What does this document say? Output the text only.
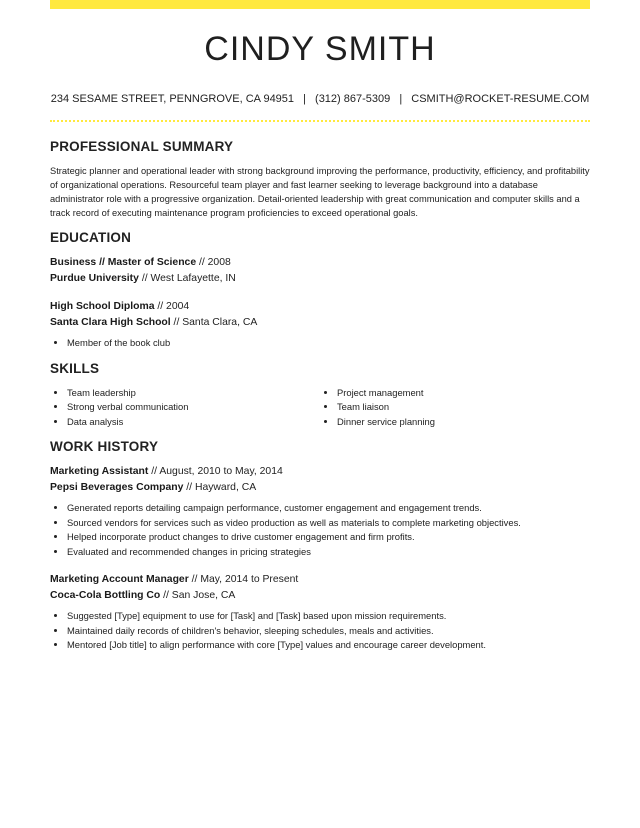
CINDY SMITH
234 SESAME STREET, PENNGROVE, CA 94951 | (312) 867-5309 | CSMITH@ROCKET-RESUME.COM
PROFESSIONAL SUMMARY

Strategic planner and operational leader with strong background improving the performance, productivity, efficiency, and profitability of organizational operations. Resourceful team player and fast learner seeking to leverage background into a database administrator role with a progressive organization. Detail-oriented leadership with great communication and computer skills and a track record of executing maintenance program proficiencies to exceed operational goals.

EDUCATION
Business // Master of Science // 2008
Purdue University // West Lafayette, IN
High School Diploma // 2004
Santa Clara High School // Santa Clara, CA
• Member of the book club
SKILLS
• Team leadership
• Strong verbal communication
• Data analysis
• Project management
• Team liaison
• Dinner service planning
WORK HISTORY
Marketing Assistant // August, 2010 to May, 2014
Pepsi Beverages Company // Hayward, CA
• Generated reports detailing campaign performance, customer engagement and engagement trends.
• Sourced vendors for services such as video production as well as materials to complete marketing objectives.
• Helped incorporate product changes to drive customer engagement and firm profits.
• Evaluated and recommended changes in pricing strategies
Marketing Account Manager // May, 2014 to Present
Coca-Cola Bottling Co // San Jose, CA
• Suggested [Type] equipment to use for [Task] and [Task] based upon mission requirements.
• Maintained daily records of children's behavior, sleeping schedules, meals and activities.
• Mentored [Job title] to align performance with core [Type] values and encourage career development.
